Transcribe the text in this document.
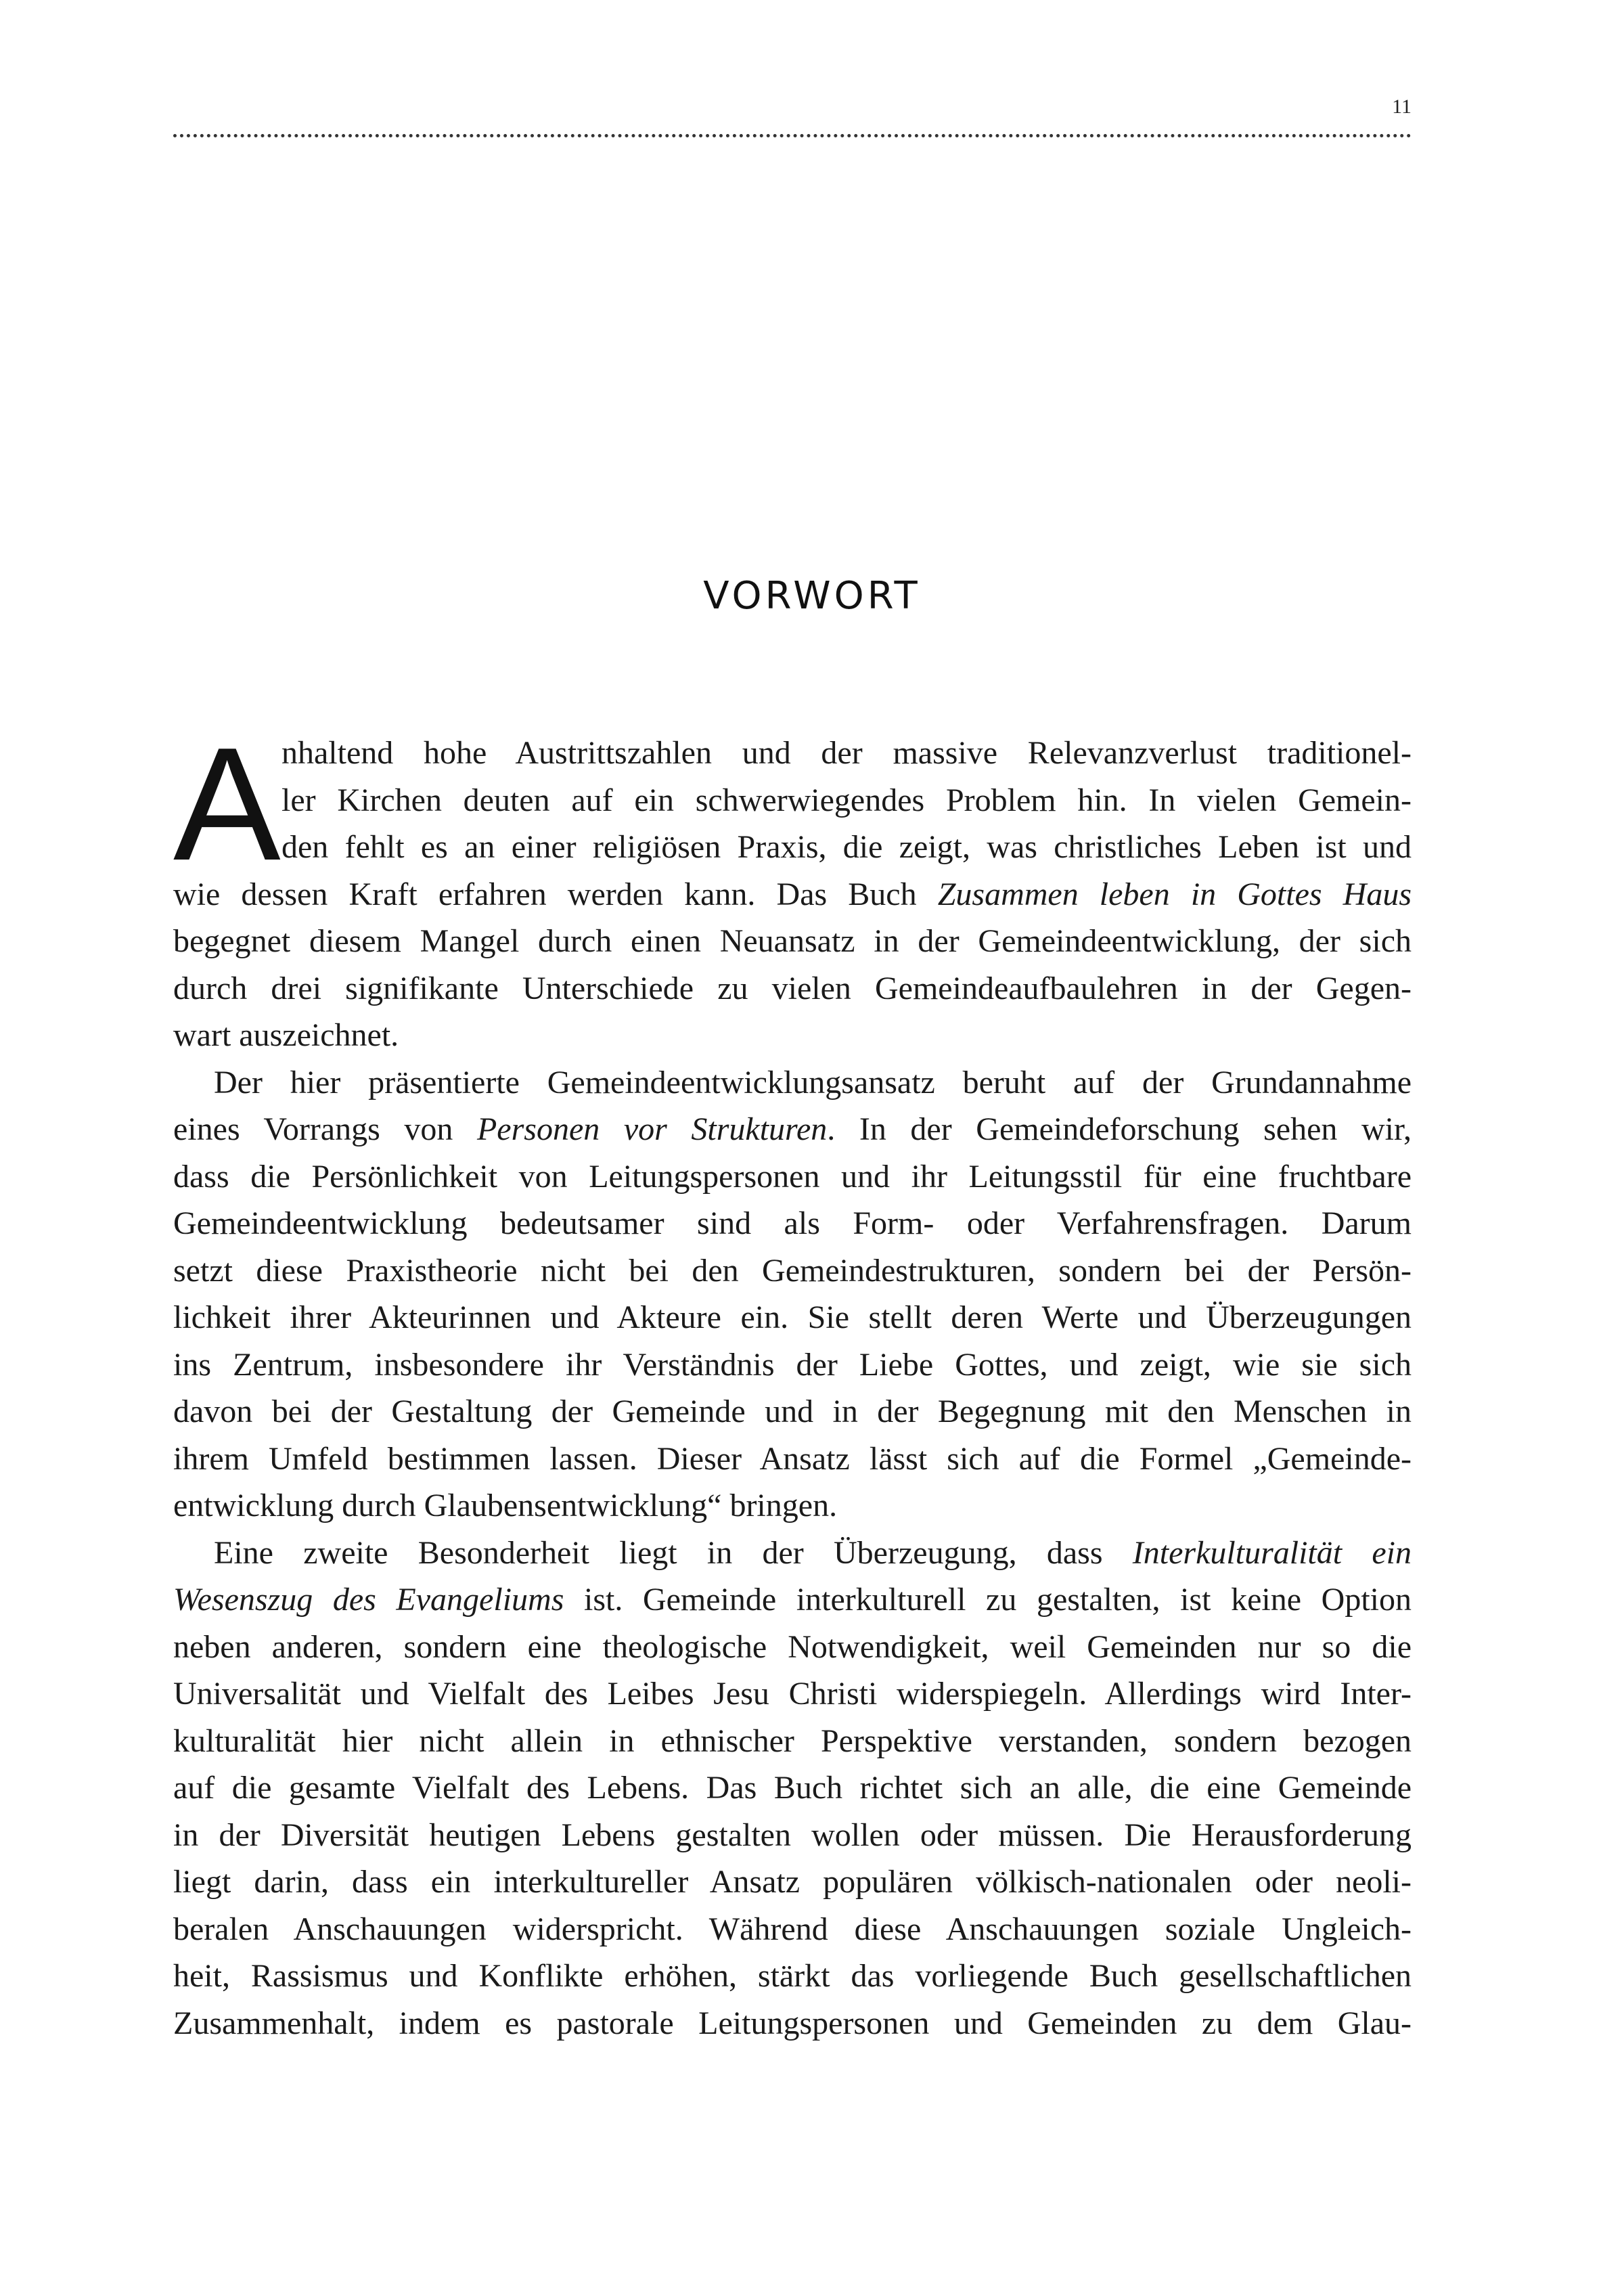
11
VORWORT
A nhaltend hohe Austrittszahlen und der massive Relevanzverlust traditionel-
ler Kirchen deuten auf ein schwerwiegendes Problem hin. In vielen Gemein-
den fehlt es an einer religiösen Praxis, die zeigt, was christliches Leben ist und
wie dessen Kraft erfahren werden kann. Das Buch Zusammen leben in Gottes Haus
begegnet diesem Mangel durch einen Neuansatz in der Gemeindeentwicklung, der sich
durch drei signifikante Unterschiede zu vielen Gemeindeaufbaulehren in der Gegen-
wart auszeichnet.
Der hier präsentierte Gemeindeentwicklungsansatz beruht auf der Grundannahme
eines Vorrangs von Personen vor Strukturen. In der Gemeindeforschung sehen wir,
dass die Persönlichkeit von Leitungspersonen und ihr Leitungsstil für eine fruchtbare
Gemeindeentwicklung bedeutsamer sind als Form- oder Verfahrensfragen. Darum
setzt diese Praxistheorie nicht bei den Gemeindestrukturen, sondern bei der Persön-
lichkeit ihrer Akteurinnen und Akteure ein. Sie stellt deren Werte und Überzeugungen
ins Zentrum, insbesondere ihr Verständnis der Liebe Gottes, und zeigt, wie sie sich
davon bei der Gestaltung der Gemeinde und in der Begegnung mit den Menschen in
ihrem Umfeld bestimmen lassen. Dieser Ansatz lässt sich auf die Formel „Gemeinde-
entwicklung durch Glaubensentwicklung“ bringen.
Eine zweite Besonderheit liegt in der Überzeugung, dass Interkulturalität ein
Wesenszug des Evangeliums ist. Gemeinde interkulturell zu gestalten, ist keine Option
neben anderen, sondern eine theologische Notwendigkeit, weil Gemeinden nur so die
Universalität und Vielfalt des Leibes Jesu Christi widerspiegeln. Allerdings wird Inter-
kulturalität hier nicht allein in ethnischer Perspektive verstanden, sondern bezogen
auf die gesamte Vielfalt des Lebens. Das Buch richtet sich an alle, die eine Gemeinde
in der Diversität heutigen Lebens gestalten wollen oder müssen. Die Herausforderung
liegt darin, dass ein interkultureller Ansatz populären völkisch-nationalen oder neoli-
beralen Anschauungen widerspricht. Während diese Anschauungen soziale Ungleich-
heit, Rassismus und Konflikte erhöhen, stärkt das vorliegende Buch gesellschaftlichen
Zusammenhalt, indem es pastorale Leitungspersonen und Gemeinden zu dem Glau-
